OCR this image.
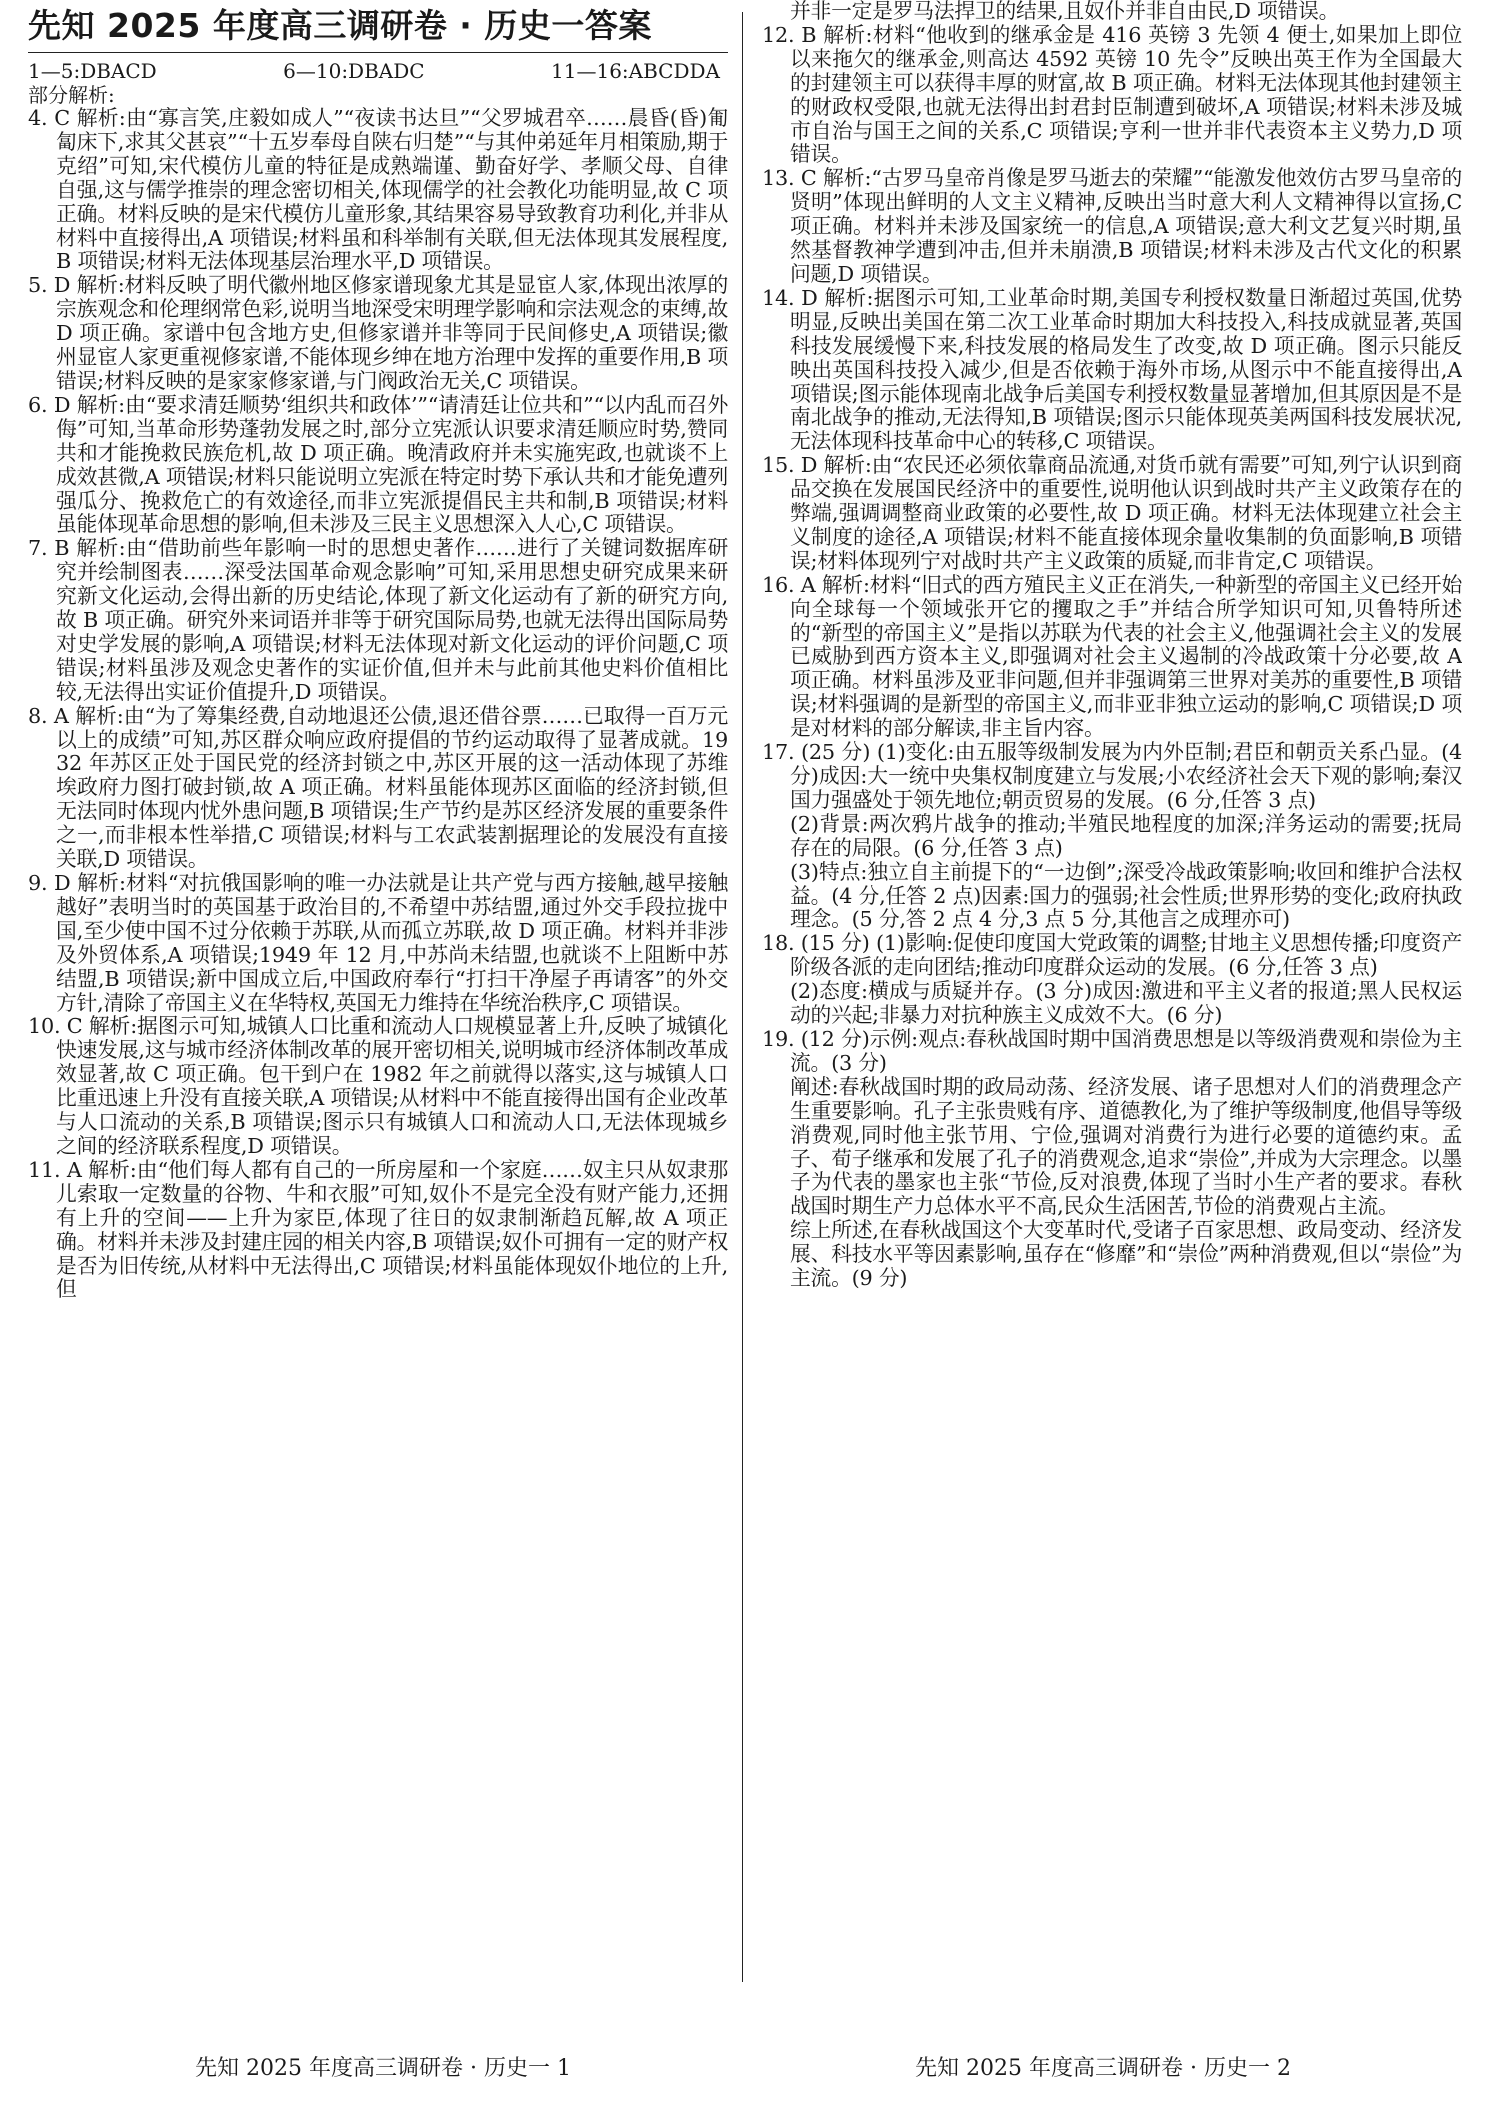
先知 2025 年度高三调研卷 · 历史一答案
1—5:DBACD	6—10:DBADC	11—16:ABCDDA

部分解析:

4. C 解析:由“寡言笑,庄毅如成人”“夜读书达旦”“父罗城君卒……晨昏(昏)匍匐床下,求其父甚哀”“十五岁奉母自陕右归楚”“与其仲弟延年月相策励,期于克绍”可知,宋代模仿儿童的特征是成熟端谨、勤奋好学、孝顺父母、自律自强,这与儒学推崇的理念密切相关,体现儒学的社会教化功能明显,故 C 项正确。材料反映的是宋代模仿儿童形象,其结果容易导致教育功利化,并非从材料中直接得出,A 项错误;材料虽和科举制有关联,但无法体现其发展程度,B 项错误;材料无法体现基层治理水平,D 项错误。

5. D 解析:材料反映了明代徽州地区修家谱现象尤其是显宦人家,体现出浓厚的宗族观念和伦理纲常色彩,说明当地深受宋明理学影响和宗法观念的束缚,故 D 项正确。家谱中包含地方史,但修家谱并非等同于民间修史,A 项错误;徽州显宦人家更重视修家谱,不能体现乡绅在地方治理中发挥的重要作用,B 项错误;材料反映的是家家修家谱,与门阀政治无关,C 项错误。

6. D 解析:由“要求清廷顺势‘组织共和政体’”“请清廷让位共和”“以内乱而召外侮”可知,当革命形势蓬勃发展之时,部分立宪派认识要求清廷顺应时势,赞同共和才能挽救民族危机,故 D 项正确。晚清政府并未实施宪政,也就谈不上成效甚微,A 项错误;材料只能说明立宪派在特定时势下承认共和才能免遭列强瓜分、挽救危亡的有效途径,而非立宪派提倡民主共和制,B 项错误;材料虽能体现革命思想的影响,但未涉及三民主义思想深入人心,C 项错误。

7. B 解析:由“借助前些年影响一时的思想史著作……进行了关键词数据库研究并绘制图表……深受法国革命观念影响”可知,采用思想史研究成果来研究新文化运动,会得出新的历史结论,体现了新文化运动有了新的研究方向,故 B 项正确。研究外来词语并非等于研究国际局势,也就无法得出国际局势对史学发展的影响,A 项错误;材料无法体现对新文化运动的评价问题,C 项错误;材料虽涉及观念史著作的实证价值,但并未与此前其他史料价值相比较,无法得出实证价值提升,D 项错误。

8. A 解析:由“为了筹集经费,自动地退还公债,退还借谷票……已取得一百万元以上的成绩”可知,苏区群众响应政府提倡的节约运动取得了显著成就。1932 年苏区正处于国民党的经济封锁之中,苏区开展的这一活动体现了苏维埃政府力图打破封锁,故 A 项正确。材料虽能体现苏区面临的经济封锁,但无法同时体现内忧外患问题,B 项错误;生产节约是苏区经济发展的重要条件之一,而非根本性举措,C 项错误;材料与工农武装割据理论的发展没有直接关联,D 项错误。

9. D 解析:材料“对抗俄国影响的唯一办法就是让共产党与西方接触,越早接触越好”表明当时的英国基于政治目的,不希望中苏结盟,通过外交手段拉拢中国,至少使中国不过分依赖于苏联,从而孤立苏联,故 D 项正确。材料并非涉及外贸体系,A 项错误;1949 年 12 月,中苏尚未结盟,也就谈不上阻断中苏结盟,B 项错误;新中国成立后,中国政府奉行“打扫干净屋子再请客”的外交方针,清除了帝国主义在华特权,英国无力维持在华统治秩序,C 项错误。

10. C 解析:据图示可知,城镇人口比重和流动人口规模显著上升,反映了城镇化快速发展,这与城市经济体制改革的展开密切相关,说明城市经济体制改革成效显著,故 C 项正确。包干到户在 1982 年之前就得以落实,这与城镇人口比重迅速上升没有直接关联,A 项错误;从材料中不能直接得出国有企业改革与人口流动的关系,B 项错误;图示只有城镇人口和流动人口,无法体现城乡之间的经济联系程度,D 项错误。

11. A 解析:由“他们每人都有自己的一所房屋和一个家庭……奴主只从奴隶那儿索取一定数量的谷物、牛和衣服”可知,奴仆不是完全没有财产能力,还拥有上升的空间——上升为家臣,体现了往日的奴隶制渐趋瓦解,故 A 项正确。材料并未涉及封建庄园的相关内容,B 项错误;奴仆可拥有一定的财产权是否为旧传统,从材料中无法得出,C 项错误;材料虽能体现奴仆地位的上升,但

并非一定是罗马法捍卫的结果,且奴仆并非自由民,D 项错误。

12. B 解析:材料“他收到的继承金是 416 英镑 3 先领 4 便士,如果加上即位以来拖欠的继承金,则高达 4592 英镑 10 先令”反映出英王作为全国最大的封建领主可以获得丰厚的财富,故 B 项正确。材料无法体现其他封建领主的财政权受限,也就无法得出封君封臣制遭到破坏,A 项错误;材料未涉及城市自治与国王之间的关系,C 项错误;亨利一世并非代表资本主义势力,D 项错误。

13. C 解析:“古罗马皇帝肖像是罗马逝去的荣耀”“能激发他效仿古罗马皇帝的贤明”体现出鲜明的人文主义精神,反映出当时意大利人文精神得以宣扬,C 项正确。材料并未涉及国家统一的信息,A 项错误;意大利文艺复兴时期,虽然基督教神学遭到冲击,但并未崩溃,B 项错误;材料未涉及古代文化的积累问题,D 项错误。

14. D 解析:据图示可知,工业革命时期,美国专利授权数量日渐超过英国,优势明显,反映出美国在第二次工业革命时期加大科技投入,科技成就显著,英国科技发展缓慢下来,科技发展的格局发生了改变,故 D 项正确。图示只能反映出英国科技投入减少,但是否依赖于海外市场,从图示中不能直接得出,A 项错误;图示能体现南北战争后美国专利授权数量显著增加,但其原因是不是南北战争的推动,无法得知,B 项错误;图示只能体现英美两国科技发展状况,无法体现科技革命中心的转移,C 项错误。

15. D 解析:由“农民还必须依靠商品流通,对货币就有需要”可知,列宁认识到商品交换在发展国民经济中的重要性,说明他认识到战时共产主义政策存在的弊端,强调调整商业政策的必要性,故 D 项正确。材料无法体现建立社会主义制度的途径,A 项错误;材料不能直接体现余量收集制的负面影响,B 项错误;材料体现列宁对战时共产主义政策的质疑,而非肯定,C 项错误。

16. A 解析:材料“旧式的西方殖民主义正在消失,一种新型的帝国主义已经开始向全球每一个领域张开它的攫取之手”并结合所学知识可知,贝鲁特所述的“新型的帝国主义”是指以苏联为代表的社会主义,他强调社会主义的发展已威胁到西方资本主义,即强调对社会主义遏制的冷战政策十分必要,故 A 项正确。材料虽涉及亚非问题,但并非强调第三世界对美苏的重要性,B 项错误;材料强调的是新型的帝国主义,而非亚非独立运动的影响,C 项错误;D 项是对材料的部分解读,非主旨内容。

17. (25 分) (1)变化:由五服等级制发展为内外臣制;君臣和朝贡关系凸显。(4 分)成因:大一统中央集权制度建立与发展;小农经济社会天下观的影响;秦汉国力强盛处于领先地位;朝贡贸易的发展。(6 分,任答 3 点)

(2)背景:两次鸦片战争的推动;半殖民地程度的加深;洋务运动的需要;抚局存在的局限。(6 分,任答 3 点)

(3)特点:独立自主前提下的“一边倒”;深受冷战政策影响;收回和维护合法权益。(4 分,任答 2 点)因素:国力的强弱;社会性质;世界形势的变化;政府执政理念。(5 分,答 2 点 4 分,3 点 5 分,其他言之成理亦可)

18. (15 分) (1)影响:促使印度国大党政策的调整;甘地主义思想传播;印度资产阶级各派的走向团结;推动印度群众运动的发展。(6 分,任答 3 点)

(2)态度:横成与质疑并存。(3 分)成因:激进和平主义者的报道;黑人民权运动的兴起;非暴力对抗种族主义成效不大。(6 分)

19. (12 分)示例:观点:春秋战国时期中国消费思想是以等级消费观和崇俭为主流。(3 分)

阐述:春秋战国时期的政局动荡、经济发展、诸子思想对人们的消费理念产生重要影响。孔子主张贵贱有序、道德教化,为了维护等级制度,他倡导等级消费观,同时他主张节用、宁俭,强调对消费行为进行必要的道德约束。孟子、荀子继承和发展了孔子的消费观念,追求“崇俭”,并成为大宗理念。以墨子为代表的墨家也主张“节俭,反对浪费,体现了当时小生产者的要求。春秋战国时期生产力总体水平不高,民众生活困苦,节俭的消费观占主流。

综上所述,在春秋战国这个大变革时代,受诸子百家思想、政局变动、经济发展、科技水平等因素影响,虽存在“修靡”和“崇俭”两种消费观,但以“崇俭”为主流。(9 分)

先知 2025 年度高三调研卷 · 历史一 1	先知 2025 年度高三调研卷 · 历史一 2
